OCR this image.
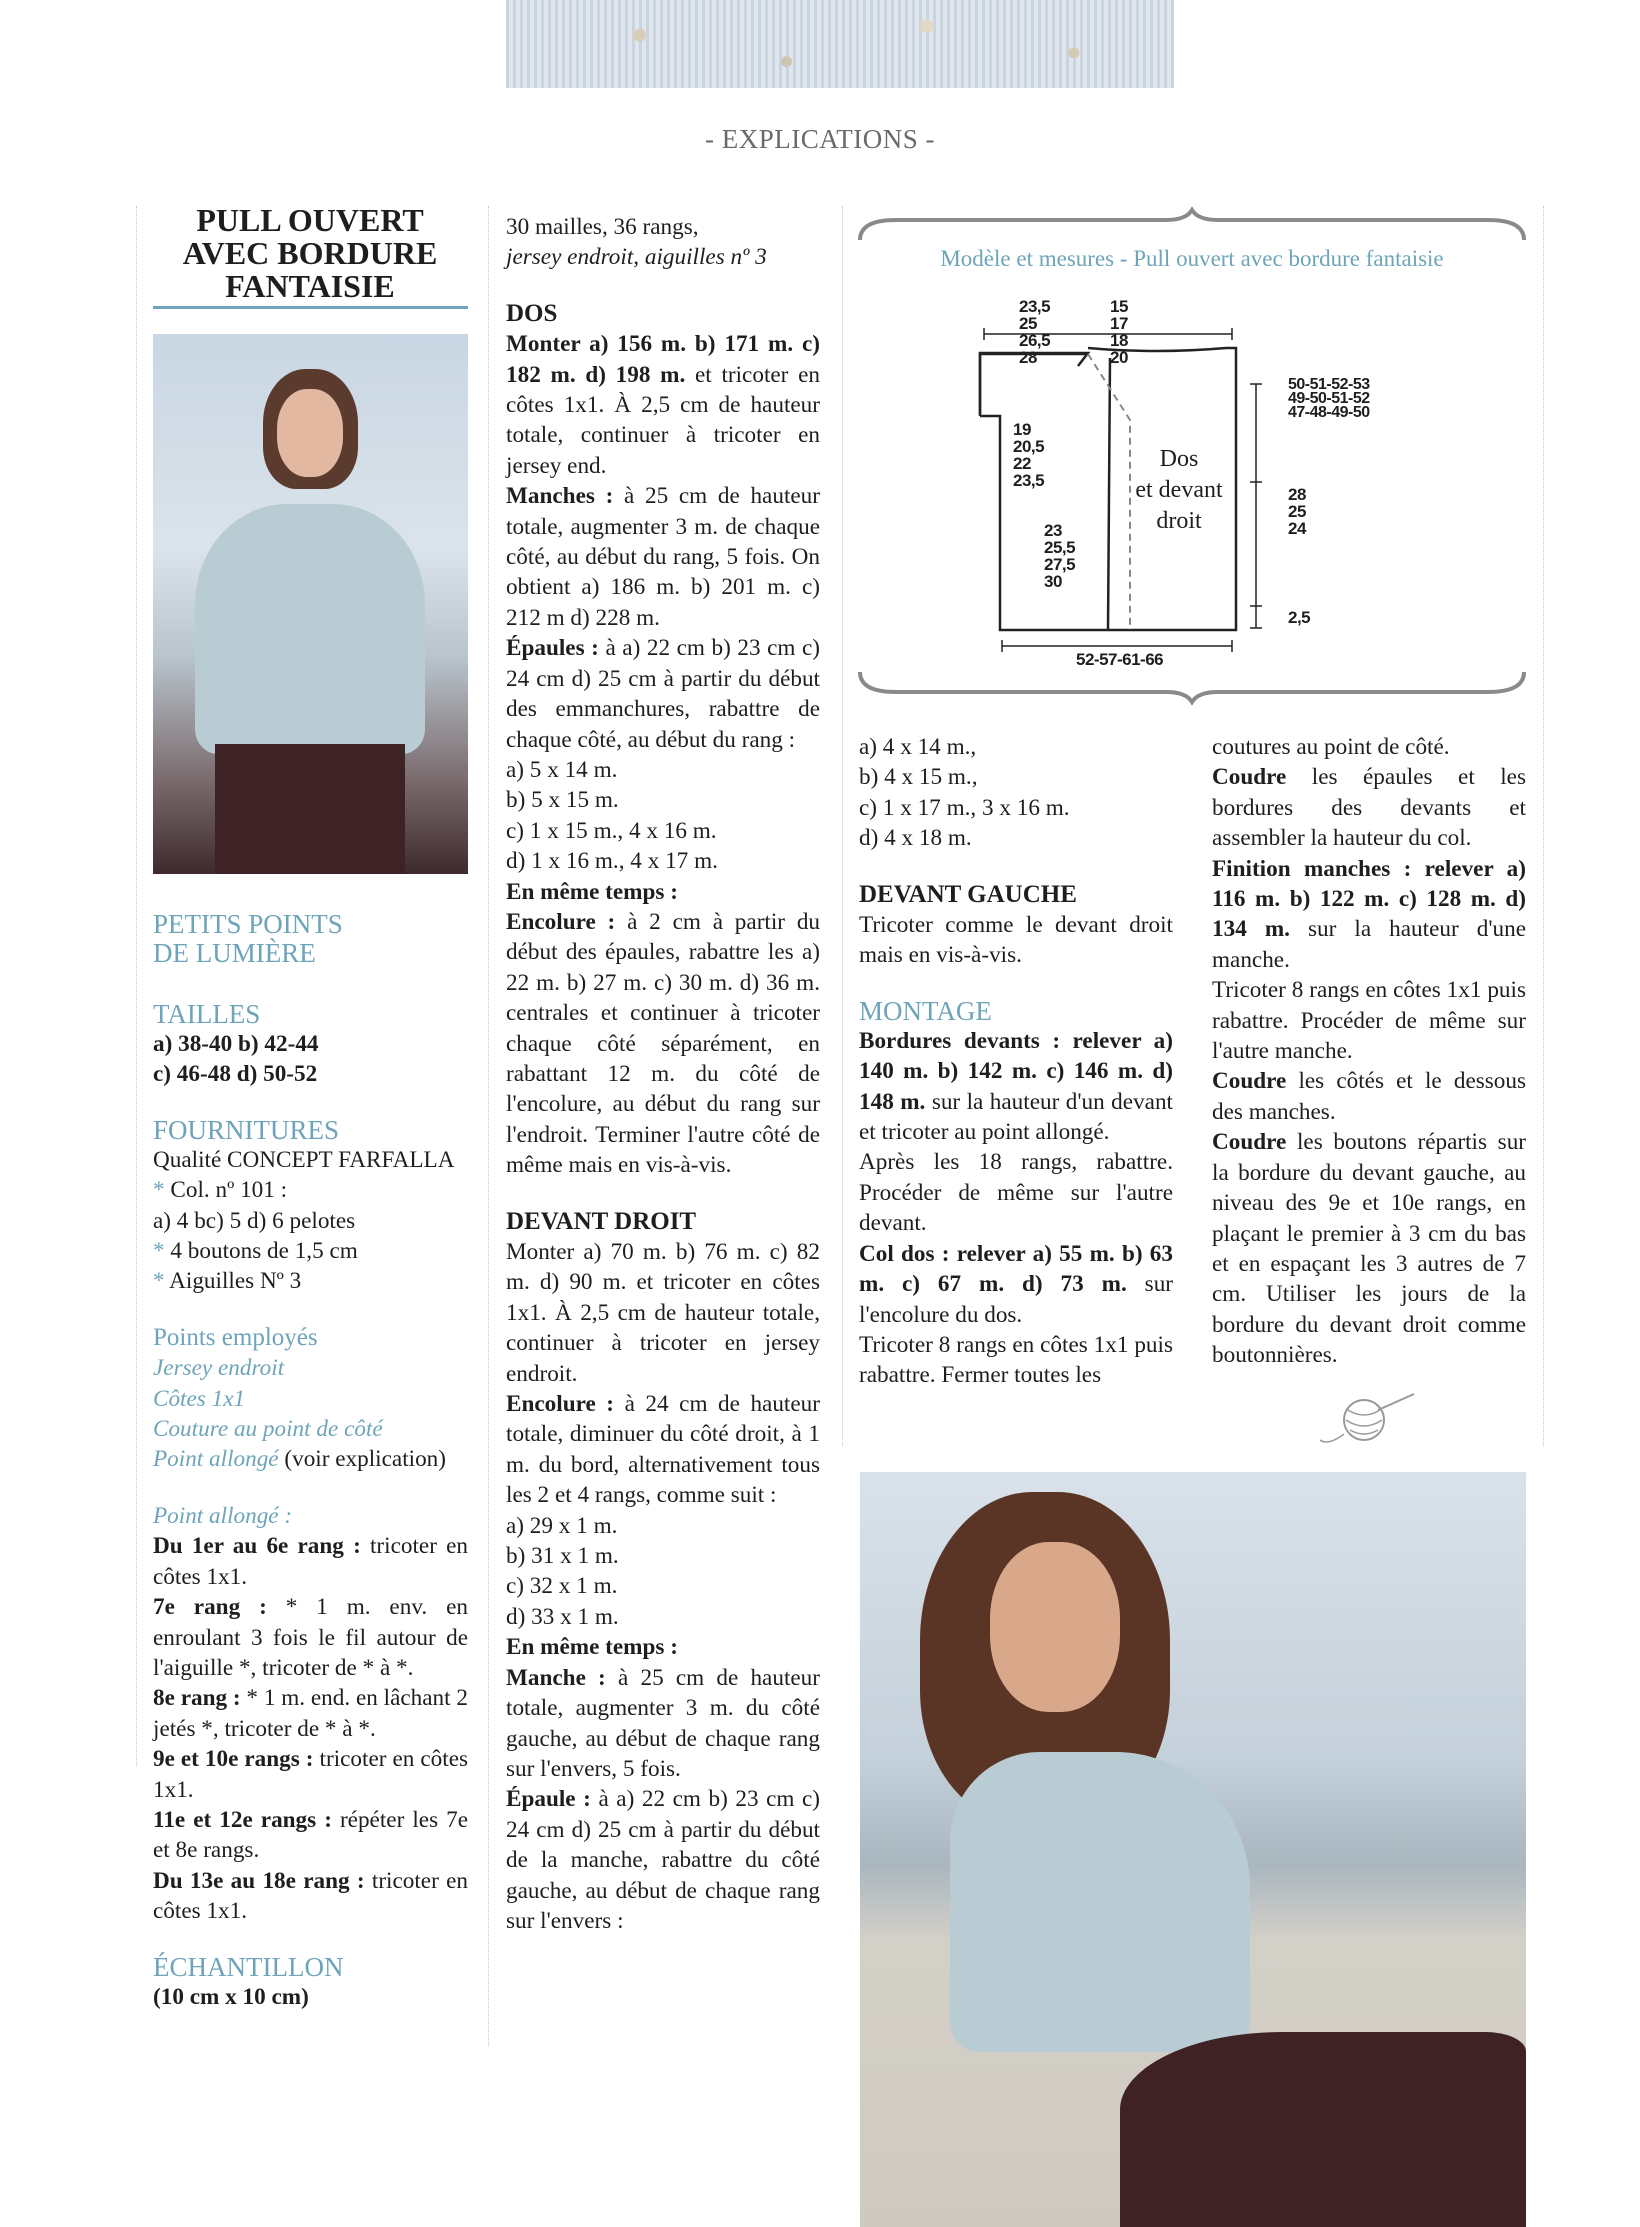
- EXPLICATIONS -
PULL OUVERT
AVEC BORDURE
FANTAISIE
PETITS POINTS
DE LUMIÈRE
TAILLES

a) 38-40 b) 42-44

c) 46-48 d) 50-52

FOURNITURES

Qualité CONCEPT FARFALLA

* Col. nº 101 :

a) 4 bc) 5 d) 6 pelotes

* 4 boutons de 1,5 cm

* Aiguilles Nº 3

Points employés

Jersey endroit

Côtes 1x1

Couture au point de côté

Point allongé (voir explication)

Point allongé :

Du 1er au 6e rang : tricoter en côtes 1x1.

7e rang : * 1 m. env. en enroulant 3 fois le fil autour de l'aiguille *, tricoter de * à *.

8e rang : * 1 m. end. en lâchant 2 jetés *, tricoter de * à *.

9e et 10e rangs : tricoter en côtes 1x1.

11e et 12e rangs : répéter les 7e et 8e rangs.

Du 13e au 18e rang : tricoter en côtes 1x1.

ÉCHANTILLON

(10 cm x 10 cm)

30 mailles, 36 rangs,

jersey endroit, aiguilles nº 3

DOS

Monter a) 156 m. b) 171 m. c) 182 m. d) 198 m. et tricoter en côtes 1x1. À 2,5 cm de hauteur totale, continuer à tricoter en jersey end.

Manches : à 25 cm de hauteur totale, augmenter 3 m. de chaque côté, au début du rang, 5 fois. On obtient a) 186 m. b) 201 m. c) 212 m d) 228 m.

Épaules : à a) 22 cm b) 23 cm c) 24 cm d) 25 cm à partir du début des emmanchures, rabattre de chaque côté, au début du rang :

a) 5 x 14 m.

b) 5 x 15 m.

c) 1 x 15 m., 4 x 16 m.

d) 1 x 16 m., 4 x 17 m.

En même temps :

Encolure : à 2 cm à partir du début des épaules, rabattre les a) 22 m. b) 27 m. c) 30 m. d) 36 m. centrales et continuer à tricoter chaque côté séparément, en rabattant 12 m. du côté de l'encolure, au début du rang sur l'endroit. Terminer l'autre côté de même mais en vis-à-vis.

DEVANT DROIT

Monter a) 70 m. b) 76 m. c) 82 m. d) 90 m. et tricoter en côtes 1x1. À 2,5 cm de hauteur totale, continuer à tricoter en jersey endroit.

Encolure : à 24 cm de hauteur totale, diminuer du côté droit, à 1 m. du bord, alternativement tous les 2 et 4 rangs, comme suit :

a) 29 x 1 m.

b) 31 x 1 m.

c) 32 x 1 m.

d) 33 x 1 m.

En même temps :

Manche : à 25 cm de hauteur totale, augmenter 3 m. du côté gauche, au début de chaque rang sur l'envers, 5 fois.

Épaule : à a) 22 cm b) 23 cm c) 24 cm d) 25 cm à partir du début de la manche, rabattre du côté gauche, au début de chaque rang sur l'envers :

Modèle et mesures - Pull ouvert avec bordure fantaisie
23,5
25
26,5
28
15
17
18
20
19
20,5
22
23,5
23
25,5
27,5
30
Dos
et devant
droit
50-51-52-53
49-50-51-52
47-48-49-50
28
25
24
2,5
52-57-61-66

a) 4 x 14 m.,

b) 4 x 15 m.,

c) 1 x 17 m., 3 x 16 m.

d) 4 x 18 m.

DEVANT GAUCHE

Tricoter comme le devant droit mais en vis-à-vis.

MONTAGE

Bordures devants : relever a) 140 m. b) 142 m. c) 146 m. d) 148 m. sur la hauteur d'un devant et tricoter au point allongé.

Après les 18 rangs, rabattre. Procéder de même sur l'autre devant.

Col dos : relever a) 55 m. b) 63 m. c) 67 m. d) 73 m. sur l'encolure du dos.

Tricoter 8 rangs en côtes 1x1 puis rabattre. Fermer toutes les

coutures au point de côté.

Coudre les épaules et les bordures des devants et assembler la hauteur du col.

Finition manches : relever a) 116 m. b) 122 m. c) 128 m. d) 134 m. sur la hauteur d'une manche.

Tricoter 8 rangs en côtes 1x1 puis rabattre. Procéder de même sur l'autre manche.

Coudre les côtés et le dessous des manches.

Coudre les boutons répartis sur la bordure du devant gauche, au niveau des 9e et 10e rangs, en plaçant le premier à 3 cm du bas et en espaçant les 3 autres de 7 cm. Utiliser les jours de la bordure du devant droit comme boutonnières.
